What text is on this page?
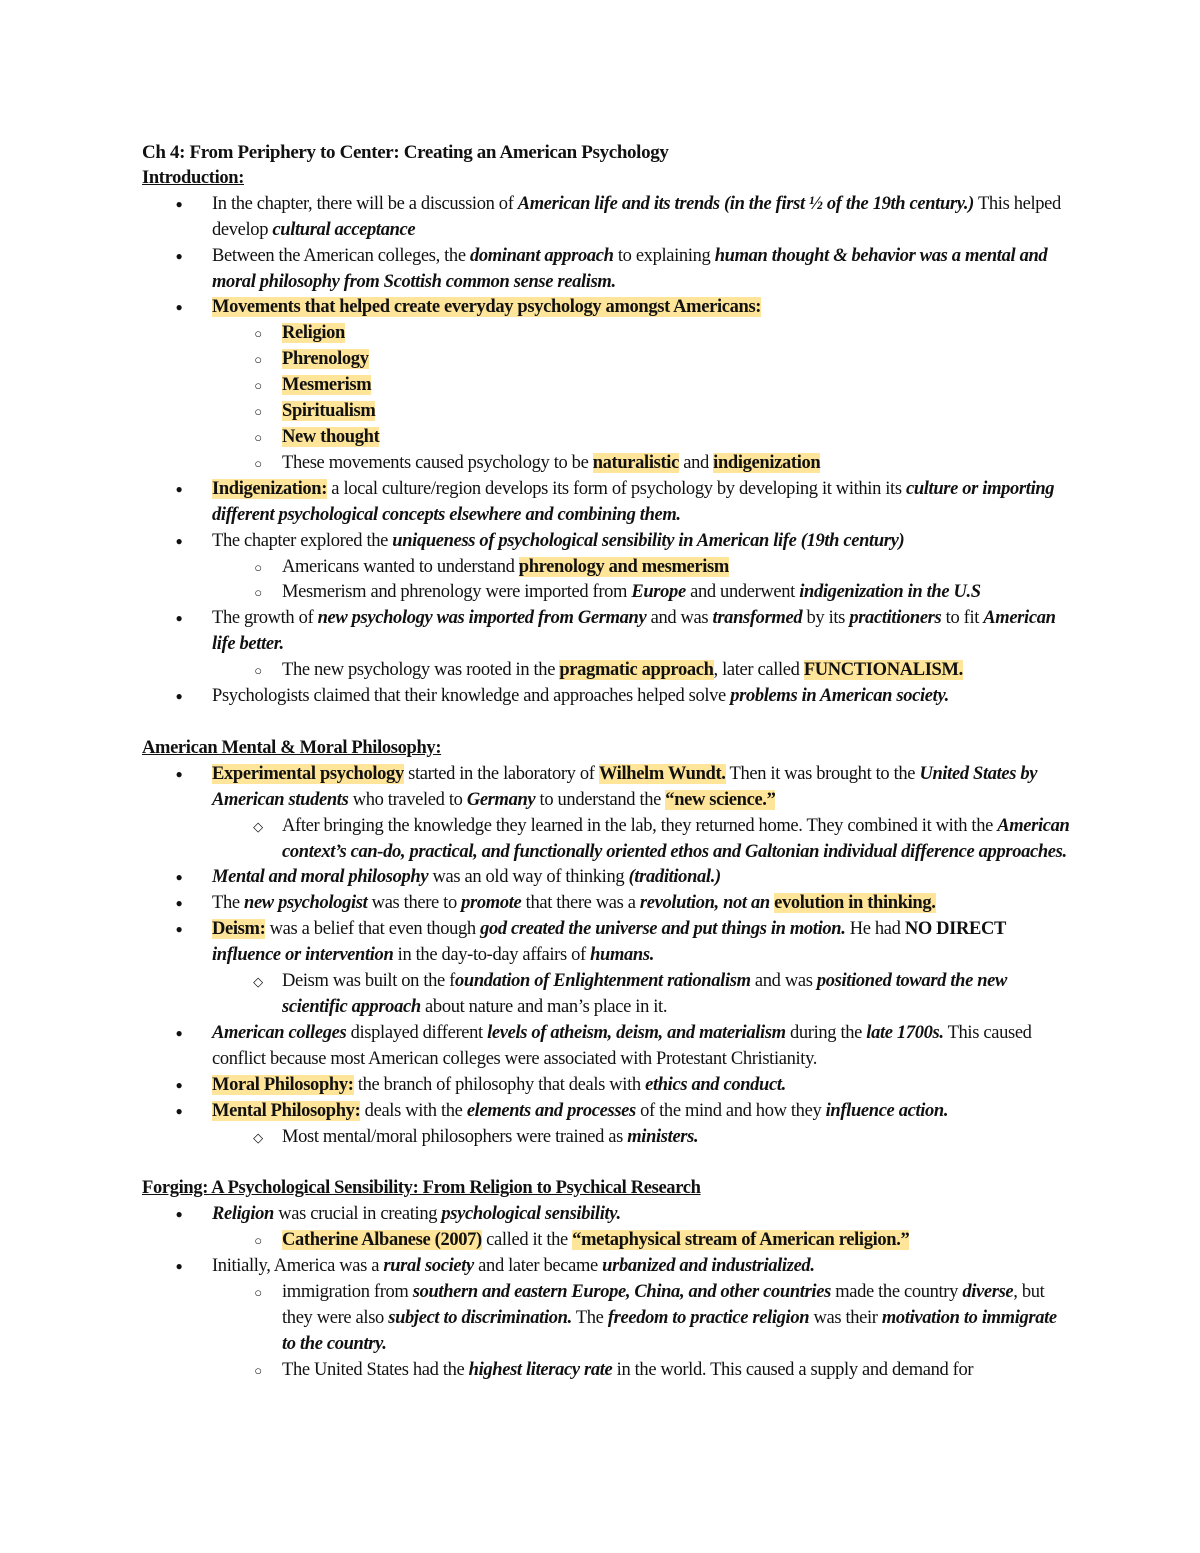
Ch 4: From Periphery to Center: Creating an American Psychology
Introduction:
● In the chapter, there will be a discussion of American life and its trends (in the first ½ of the 19th century.) This helped develop cultural acceptance
● Between the American colleges, the dominant approach to explaining human thought & behavior was a mental and moral philosophy from Scottish common sense realism.
● Movements that helped create everyday psychology amongst Americans:
○ Religion
○ Phrenology
○ Mesmerism
○ Spiritualism
○ New thought
○ These movements caused psychology to be naturalistic and indigenization
● Indigenization: a local culture/region develops its form of psychology by developing it within its culture or importing different psychological concepts elsewhere and combining them.
● The chapter explored the uniqueness of psychological sensibility in American life (19th century)
○ Americans wanted to understand phrenology and mesmerism
○ Mesmerism and phrenology were imported from Europe and underwent indigenization in the U.S
● The growth of new psychology was imported from Germany and was transformed by its practitioners to fit American life better.
○ The new psychology was rooted in the pragmatic approach, later called FUNCTIONALISM.
● Psychologists claimed that their knowledge and approaches helped solve problems in American society.
American Mental & Moral Philosophy:
● Experimental psychology started in the laboratory of Wilhelm Wundt. Then it was brought to the United States by American students who traveled to Germany to understand the “new science.”
◇ After bringing the knowledge they learned in the lab, they returned home. They combined it with the American context’s can-do, practical, and functionally oriented ethos and Galtonian individual difference approaches.
● Mental and moral philosophy was an old way of thinking (traditional.)
● The new psychologist was there to promote that there was a revolution, not an evolution in thinking.
● Deism: was a belief that even though god created the universe and put things in motion. He had NO DIRECT influence or intervention in the day-to-day affairs of humans.
◇ Deism was built on the foundation of Enlightenment rationalism and was positioned toward the new scientific approach about nature and man’s place in it.
● American colleges displayed different levels of atheism, deism, and materialism during the late 1700s. This caused conflict because most American colleges were associated with Protestant Christianity.
● Moral Philosophy: the branch of philosophy that deals with ethics and conduct.
● Mental Philosophy: deals with the elements and processes of the mind and how they influence action.
◇ Most mental/moral philosophers were trained as ministers.
Forging: A Psychological Sensibility: From Religion to Psychical Research
● Religion was crucial in creating psychological sensibility.
○ Catherine Albanese (2007) called it the “metaphysical stream of American religion.”
● Initially, America was a rural society and later became urbanized and industrialized.
○ immigration from southern and eastern Europe, China, and other countries made the country diverse, but they were also subject to discrimination. The freedom to practice religion was their motivation to immigrate to the country.
○ The United States had the highest literacy rate in the world. This caused a supply and demand for
